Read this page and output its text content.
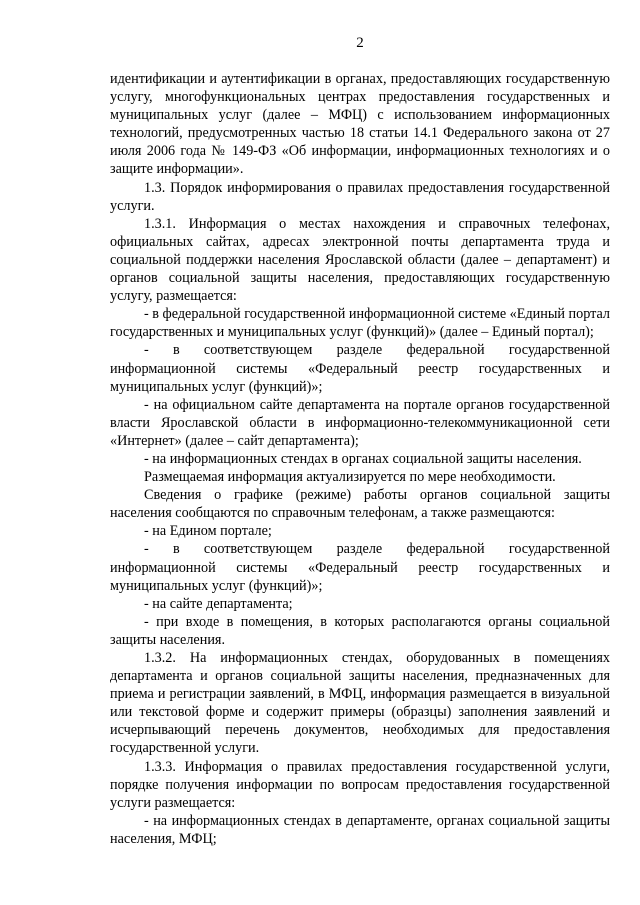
2

идентификации и аутентификации в органах, предоставляющих государственную услугу, многофункциональных центрах предоставления государственных и муниципальных услуг (далее – МФЦ) с использованием информационных технологий, предусмотренных частью 18 статьи 14.1 Федерального закона от 27 июля 2006 года № 149-ФЗ «Об информации, информационных технологиях и о защите информации».

1.3. Порядок информирования о правилах предоставления государственной услуги.

1.3.1. Информация о местах нахождения и справочных телефонах, официальных сайтах, адресах электронной почты департамента труда и социальной поддержки населения Ярославской области (далее – департамент) и органов социальной защиты населения, предоставляющих государственную услугу, размещается:

- в федеральной государственной информационной системе «Единый портал государственных и муниципальных услуг (функций)» (далее – Единый портал);

- в соответствующем разделе федеральной государственной информационной системы «Федеральный реестр государственных и муниципальных услуг (функций)»;

- на официальном сайте департамента на портале органов государственной власти Ярославской области в информационно-телекоммуникационной сети «Интернет» (далее – сайт департамента);

- на информационных стендах в органах социальной защиты населения.

Размещаемая информация актуализируется по мере необходимости.

Сведения о графике (режиме) работы органов социальной защиты населения сообщаются по справочным телефонам, а также размещаются:

- на Едином портале;

- в соответствующем разделе федеральной государственной информационной системы «Федеральный реестр государственных и муниципальных услуг (функций)»;

- на сайте департамента;

- при входе в помещения, в которых располагаются органы социальной защиты населения.

1.3.2. На информационных стендах, оборудованных в помещениях департамента и органов социальной защиты населения, предназначенных для приема и регистрации заявлений, в МФЦ, информация размещается в визуальной или текстовой форме и содержит примеры (образцы) заполнения заявлений и исчерпывающий перечень документов, необходимых для предоставления государственной услуги.

1.3.3. Информация о правилах предоставления государственной услуги, порядке получения информации по вопросам предоставления государственной услуги размещается:

- на информационных стендах в департаменте, органах социальной защиты населения, МФЦ;
